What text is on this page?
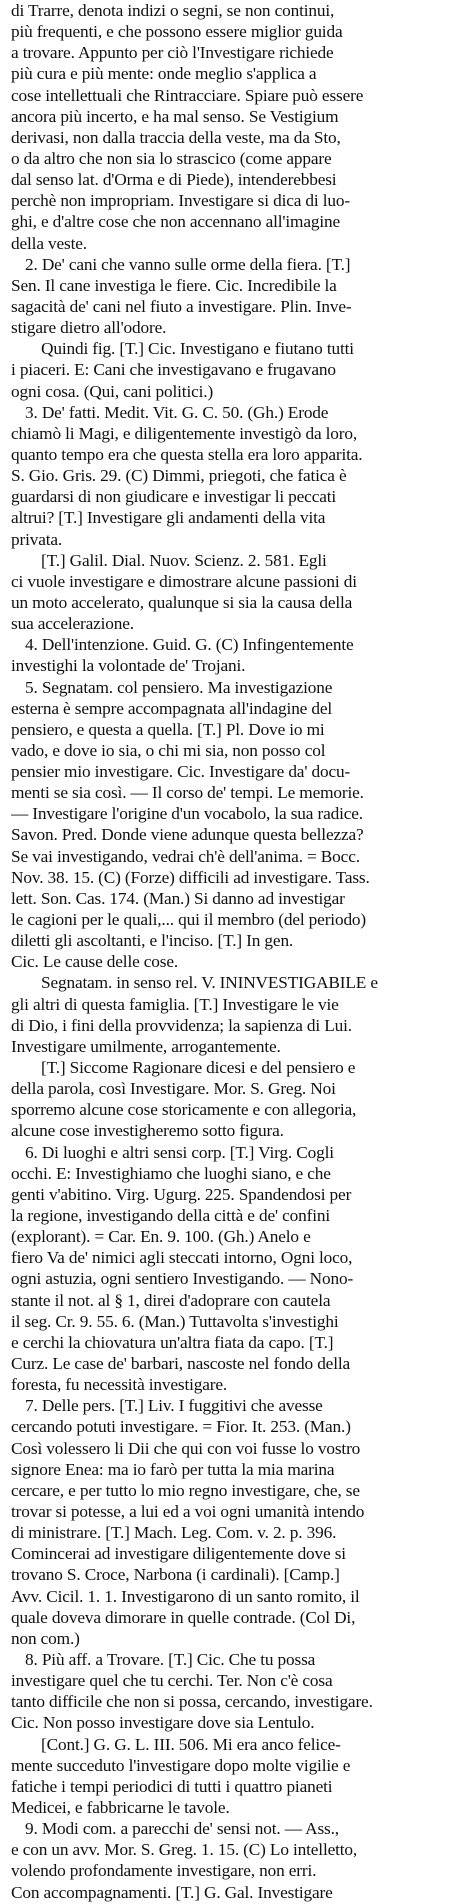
di Trarre, denota indizi o segni, se non continui,
più frequenti, e che possono essere miglior guida
a trovare. Appunto per ciò l'Investigare richiede
più cura e più mente: onde meglio s'applica a
cose intellettuali che Rintracciare. Spiare può essere
ancora più incerto, e ha mal senso. Se Vestigium
derivasi, non dalla traccia della veste, ma da Sto,
o da altro che non sia lo strascico (come appare
dal senso lat. d'Orma e di Piede), intenderebbesi
perchè non impropriam. Investigare si dica di luo-
ghi, e d'altre cose che non accennano all'imagine
della veste.
2. De' cani che vanno sulle orme della fiera. [T.]
Sen. Il cane investiga le fiere. Cic. Incredibile la
sagacità de' cani nel fiuto a investigare. Plin. Inve-
stigare dietro all'odore.
Quindi fig. [T.] Cic. Investigano e fiutano tutti
i piaceri. E: Cani che investigavano e frugavano
ogni cosa. (Qui, cani politici.)
3. De' fatti. Medit. Vit. G. C. 50. (Gh.) Erode
chiamò li Magi, e diligentemente investigò da loro,
quanto tempo era che questa stella era loro apparita.
S. Gio. Gris. 29. (C) Dimmi, priegoti, che fatica è
guardarsi di non giudicare e investigar li peccati
altrui? [T.] Investigare gli andamenti della vita
privata.
[T.] Galil. Dial. Nuov. Scienz. 2. 581. Egli
ci vuole investigare e dimostrare alcune passioni di
un moto accelerato, qualunque si sia la causa della
sua accelerazione.
4. Dell'intenzione. Guid. G. (C) Infingentemente
investighi la volontade de' Trojani.
5. Segnatam. col pensiero. Ma investigazione
esterna è sempre accompagnata all'indagine del
pensiero, e questa a quella. [T.] Pl. Dove io mi
vado, e dove io sia, o chi mi sia, non posso col
pensier mio investigare. Cic. Investigare da' docu-
menti se sia così. — Il corso de' tempi. Le memorie.
— Investigare l'origine d'un vocabolo, la sua radice.
Savon. Pred. Donde viene adunque questa bellezza?
Se vai investigando, vedrai ch'è dell'anima. = Bocc.
Nov. 38. 15. (C) (Forze) difficili ad investigare. Tass.
lett. Son. Cas. 174. (Man.) Si danno ad investigar
le cagioni per le quali,... qui il membro (del periodo)
diletti gli ascoltanti, e l'inciso. [T.] In gen.
Cic. Le cause delle cose.
Segnatam. in senso rel. V. ININVESTIGABILE e
gli altri di questa famiglia. [T.] Investigare le vie
di Dio, i fini della provvidenza; la sapienza di Lui.
Investigare umilmente, arrogantemente.
[T.] Siccome Ragionare dicesi e del pensiero e
della parola, così Investigare. Mor. S. Greg. Noi
sporremo alcune cose storicamente e con allegoria,
alcune cose investigheremo sotto figura.
6. Di luoghi e altri sensi corp. [T.] Virg. Cogli
occhi. E: Investighiamo che luoghi siano, e che
genti v'abitino. Virg. Ugurg. 225. Spandendosi per
la regione, investigando della città e de' confini
(explorant). = Car. En. 9. 100. (Gh.) Anelo e
fiero Va de' nimici agli steccati intorno, Ogni loco,
ogni astuzia, ogni sentiero Investigando. — Nono-
stante il not. al § 1, direi d'adoprare con cautela
il seg. Cr. 9. 55. 6. (Man.) Tuttavolta s'investighi
e cerchi la chiovatura un'altra fiata da capo. [T.]
Curz. Le case de' barbari, nascoste nel fondo della
foresta, fu necessità investigare.
7. Delle pers. [T.] Liv. I fuggitivi che avesse
cercando potuti investigare. = Fior. It. 253. (Man.)
Così volessero li Dii che qui con voi fusse lo vostro
signore Enea: ma io farò per tutta la mia marina
cercare, e per tutto lo mio regno investigare, che, se
trovar si potesse, a lui ed a voi ogni umanità intendo
di ministrare. [T.] Mach. Leg. Com. v. 2. p. 396.
Comincerai ad investigare diligentemente dove si
trovano S. Croce, Narbona (i cardinali). [Camp.]
Avv. Cicil. 1. 1. Investigarono di un santo romito, il
quale doveva dimorare in quelle contrade. (Col Di,
non com.)
8. Più aff. a Trovare. [T.] Cic. Che tu possa
investigare quel che tu cerchi. Ter. Non c'è cosa
tanto difficile che non si possa, cercando, investigare.
Cic. Non posso investigare dove sia Lentulo.
[Cont.] G. G. L. III. 506. Mi era anco felice-
mente succeduto l'investigare dopo molte vigilie e
fatiche i tempi periodici di tutti i quattro pianeti
Medicei, e fabbricarne le tavole.
9. Modi com. a parecchi de' sensi not. — Ass.,
e con un avv. Mor. S. Greg. 1. 15. (C) Lo intelletto,
volendo profondamente investigare, non erri.
Con accompagnamenti. [T.] G. Gal. Investigare
